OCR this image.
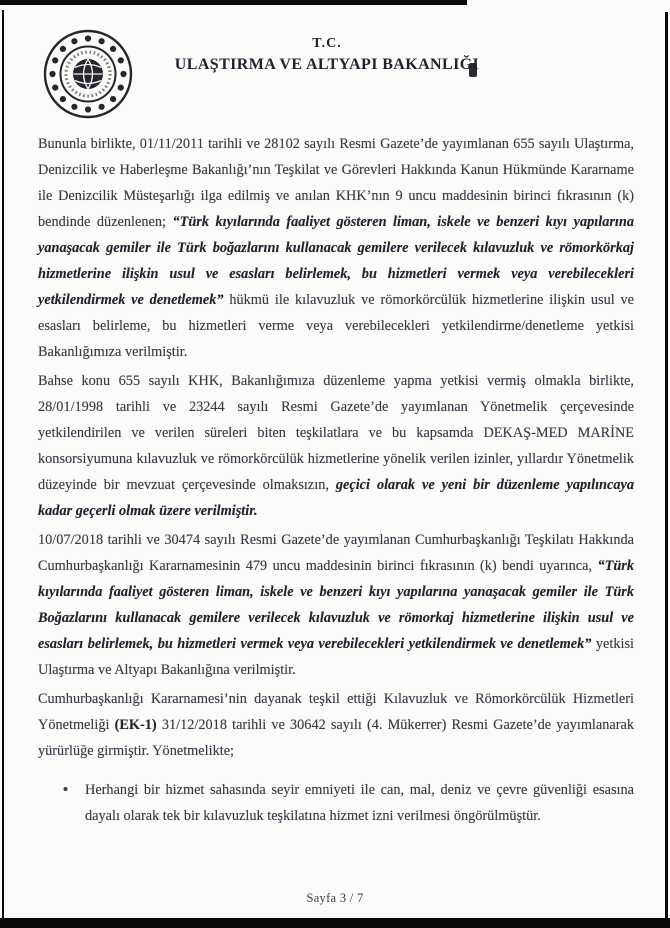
T.C.
ULAŞTIRMA VE ALTYAPI BAKANLIĞI
Bununla birlikte, 01/11/2011 tarihli ve 28102 sayılı Resmi Gazete’de yayımlanan 655 sayılı Ulaştırma, Denizcilik ve Haberleşme Bakanlığı’nın Teşkilat ve Görevleri Hakkında Kanun Hükmünde Kararname ile Denizcilik Müsteşarlığı ilga edilmiş ve anılan KHK’nın 9 uncu maddesinin birinci fıkrasının (k) bendinde düzenlenen; “Türk kıyılarında faaliyet gösteren liman, iskele ve benzeri kıyı yapılarına yanaşacak gemiler ile Türk boğazlarını kullanacak gemilere verilecek kılavuzluk ve römorkörkaj hizmetlerine ilişkin usul ve esasları belirlemek, bu hizmetleri vermek veya verebilecekleri yetkilendirmek ve denetlemek” hükmü ile kılavuzluk ve römorkörcülük hizmetlerine ilişkin usul ve esasları belirleme, bu hizmetleri verme veya verebilecekleri yetkilendirme/denetleme yetkisi Bakanlığımıza verilmiştir.
Bahse konu 655 sayılı KHK, Bakanlığımıza düzenleme yapma yetkisi vermiş olmakla birlikte, 28/01/1998 tarihli ve 23244 sayılı Resmi Gazete’de yayımlanan Yönetmelik çerçevesinde yetkilendirilen ve verilen süreleri biten teşkilatlara ve bu kapsamda DEKAŞ-MED MARİNE konsorsiyumuna kılavuzluk ve römorkörcülük hizmetlerine yönelik verilen izinler, yıllardır Yönetmelik düzeyinde bir mevzuat çerçevesinde olmaksızın, geçici olarak ve yeni bir düzenleme yapılıncaya kadar geçerli olmak üzere verilmiştir.
10/07/2018 tarihli ve 30474 sayılı Resmi Gazete’de yayımlanan Cumhurbaşkanlığı Teşkilatı Hakkında Cumhurbaşkanlığı Kararnamesinin 479 uncu maddesinin birinci fıkrasının (k) bendi uyarınca, “Türk kıyılarında faaliyet gösteren liman, iskele ve benzeri kıyı yapılarına yanaşacak gemiler ile Türk Boğazlarını kullanacak gemilere verilecek kılavuzluk ve römorkaj hizmetlerine ilişkin usul ve esasları belirlemek, bu hizmetleri vermek veya verebilecekleri yetkilendirmek ve denetlemek” yetkisi Ulaştırma ve Altyapı Bakanlığına verilmiştir.
Cumhurbaşkanlığı Kararnamesi’nin dayanak teşkil ettiği Kılavuzluk ve Römorkörcülük Hizmetleri Yönetmeliği (EK-1) 31/12/2018 tarihli ve 30642 sayılı (4. Mükerrer) Resmi Gazete’de yayımlanarak yürürlüğe girmiştir. Yönetmelikte;
• Herhangi bir hizmet sahasında seyir emniyeti ile can, mal, deniz ve çevre güvenliği esasına dayalı olarak tek bir kılavuzluk teşkilatına hizmet izni verilmesi öngörülmüştür.
Sayfa 3 / 7
